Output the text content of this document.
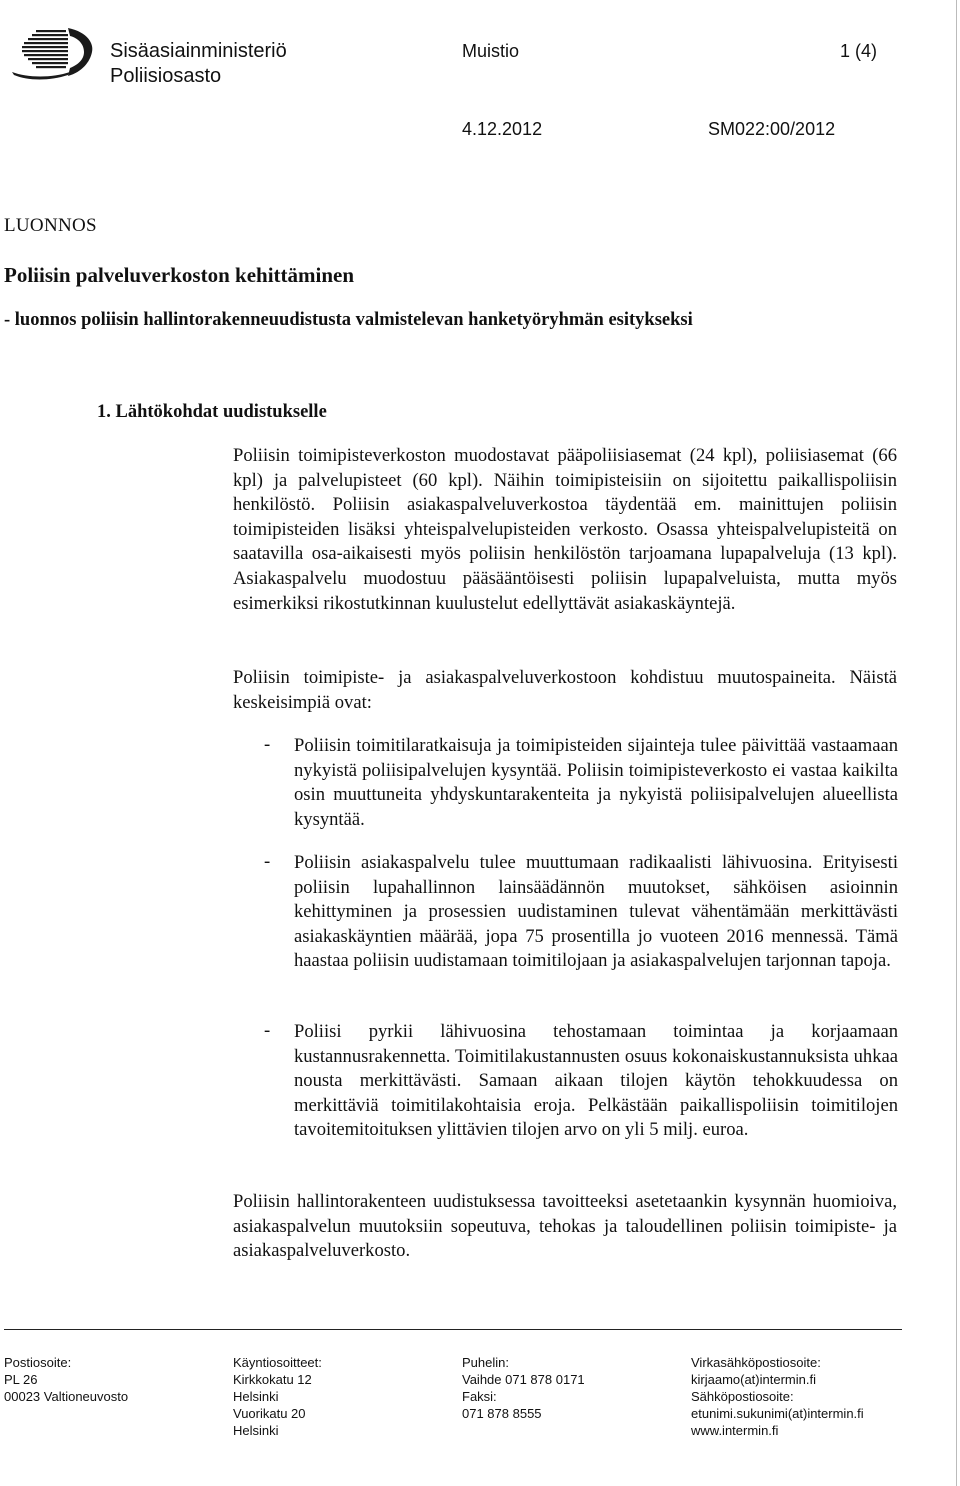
Sisäasiainministeriö
Poliisiosasto
Muistio	1 (4)
4.12.2012	SM022:00/2012
LUONNOS
Poliisin palveluverkoston kehittäminen
- luonnos poliisin hallintorakenneuudistusta valmistelevan hanketyöryhmän esitykseksi
1. Lähtökohdat uudistukselle
Poliisin toimipisteverkoston muodostavat pääpoliisiasemat (24 kpl), poliisiasemat (66 kpl) ja palvelupisteet (60 kpl). Näihin toimipisteisiin on sijoitettu paikallispoliisin henkilöstö. Poliisin asiakaspalveluverkostoa täydentää em. mainittujen poliisin toimipisteiden lisäksi yhteispalvelupisteiden verkosto. Osassa yhteispalvelupisteitä on saatavilla osa-aikaisesti myös poliisin henkilöstön tarjoamana lupapalveluja (13 kpl). Asiakaspalvelu muodostuu pääsääntöisesti poliisin lupapalveluista, mutta myös esimerkiksi rikostutkinnan kuulustelut edellyttävät asiakaskäyntejä.
Poliisin toimipiste- ja asiakaspalveluverkostoon kohdistuu muutospaineita. Näistä keskeisimpiä ovat:
- Poliisin toimitilaratkaisuja ja toimipisteiden sijainteja tulee päivittää vastaamaan nykyistä poliisipalvelujen kysyntää. Poliisin toimipisteverkosto ei vastaa kaikilta osin muuttuneita yhdyskuntarakenteita ja nykyistä poliisipalvelujen alueellista kysyntää.
- Poliisin asiakaspalvelu tulee muuttumaan radikaalisti lähivuosina. Erityisesti poliisin lupahallinnon lainsäädännön muutokset, sähköisen asioinnin kehittyminen ja prosessien uudistaminen tulevat vähentämään merkittävästi asiakaskäyntien määrää, jopa 75 prosentilla jo vuoteen 2016 mennessä. Tämä haastaa poliisin uudistamaan toimitilojaan ja asiakaspalvelujen tarjonnan tapoja.
- Poliisi pyrkii lähivuosina tehostamaan toimintaa ja korjaamaan kustannusrakennetta. Toimitilakustannusten osuus kokonaiskustannuksista uhkaa nousta merkittävästi. Samaan aikaan tilojen käytön tehokkuudessa on merkittäviä toimitilakohtaisia eroja. Pelkästään paikallispoliisin toimitilojen tavoitemitoituksen ylittävien tilojen arvo on yli 5 milj. euroa.
Poliisin hallintorakenteen uudistuksessa tavoitteeksi asetetaankin kysynnän huomioiva, asiakaspalvelun muutoksiin sopeutuva, tehokas ja taloudellinen poliisin toimipiste- ja asiakaspalveluverkosto.
Postiosoite:
PL 26
00023 Valtioneuvosto
Käyntiosoitteet:
Kirkkokatu 12
Helsinki
Vuorikatu 20
Helsinki
Puhelin:
Vaihde 071 878 0171
Faksi:
071 878 8555
Virkasähköpostiosoite:
kirjaamo(at)intermin.fi
Sähköpostiosoite:
etunimi.sukunimi(at)intermin.fi
www.intermin.fi
